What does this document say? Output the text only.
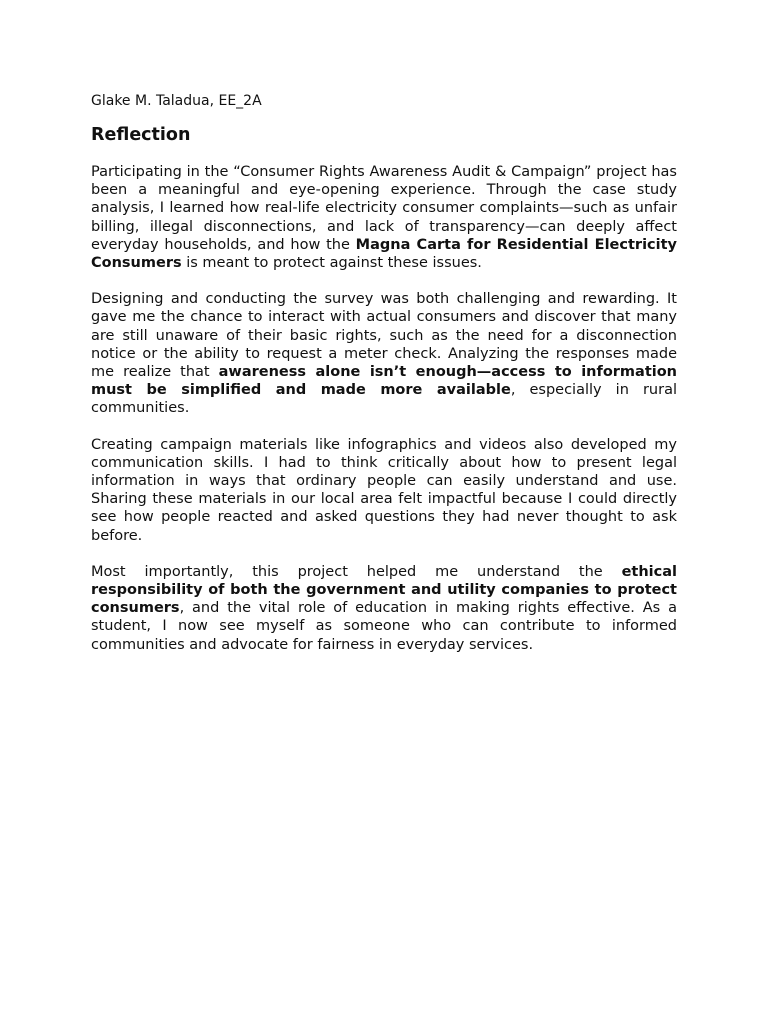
Glake M. Taladua, EE_2A

Reflection

Participating in the “Consumer Rights Awareness Audit & Campaign” project has been a meaningful and eye-opening experience. Through the case study analysis, I learned how real-life electricity consumer complaints—such as unfair billing, illegal disconnections, and lack of transparency—can deeply affect everyday households, and how the Magna Carta for Residential Electricity Consumers is meant to protect against these issues.

Designing and conducting the survey was both challenging and rewarding. It gave me the chance to interact with actual consumers and discover that many are still unaware of their basic rights, such as the need for a disconnection notice or the ability to request a meter check. Analyzing the responses made me realize that awareness alone isn’t enough—access to information must be simplified and made more available, especially in rural communities.

Creating campaign materials like infographics and videos also developed my communication skills. I had to think critically about how to present legal information in ways that ordinary people can easily understand and use. Sharing these materials in our local area felt impactful because I could directly see how people reacted and asked questions they had never thought to ask before.

Most importantly, this project helped me understand the ethical responsibility of both the government and utility companies to protect consumers, and the vital role of education in making rights effective. As a student, I now see myself as someone who can contribute to informed communities and advocate for fairness in everyday services.
